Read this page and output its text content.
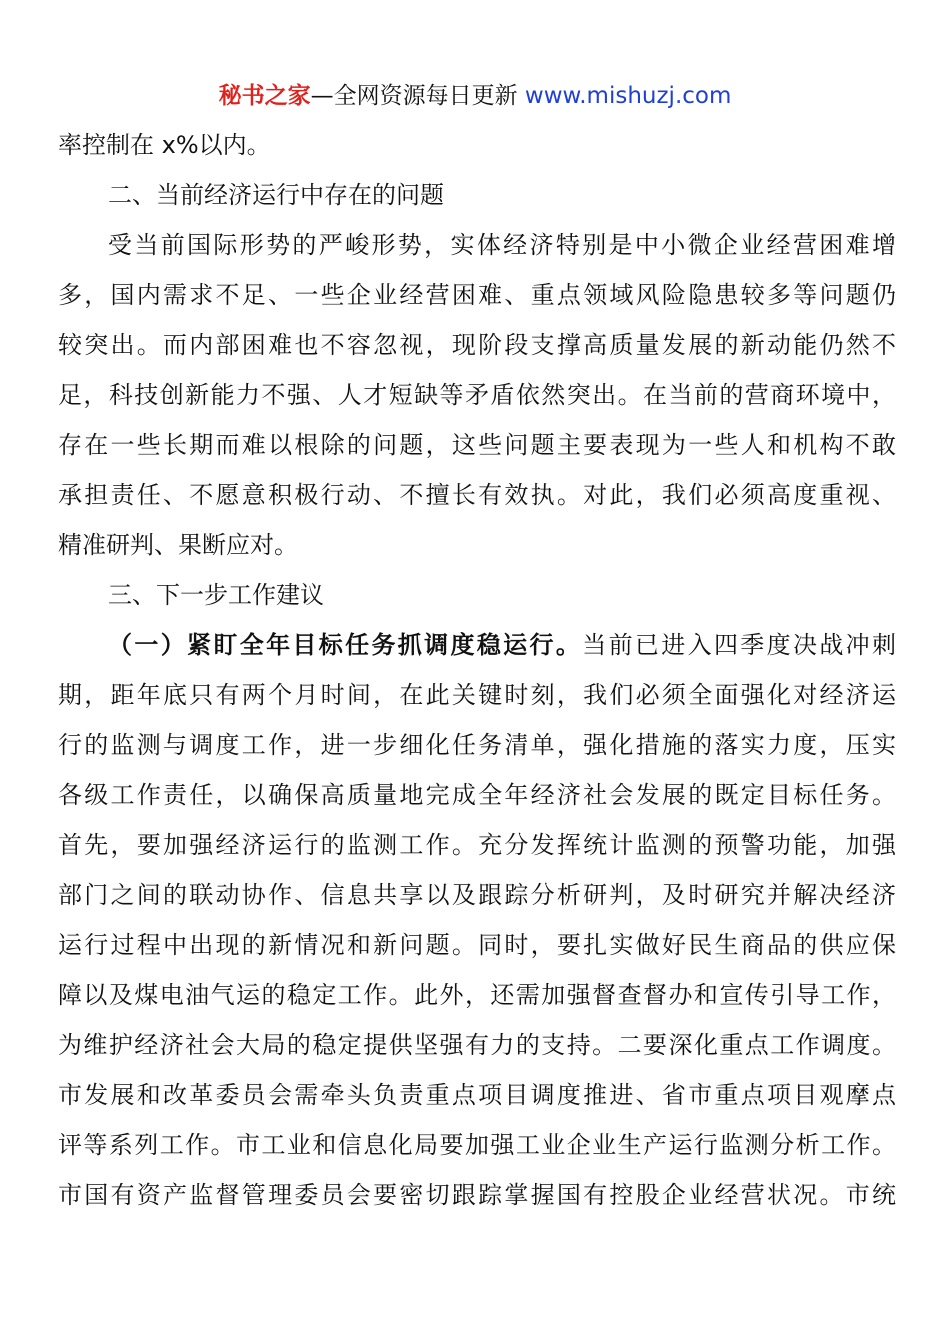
秘书之家—全网资源每日更新 www.mishuzj.com
率控制在 x%以内。
二、当前经济运行中存在的问题
受当前国际形势的严峻形势，实体经济特别是中小微企业经营困难增
多，国内需求不足、一些企业经营困难、重点领域风险隐患较多等问题仍
较突出。而内部困难也不容忽视，现阶段支撑高质量发展的新动能仍然不
足，科技创新能力不强、人才短缺等矛盾依然突出。在当前的营商环境中，
存在一些长期而难以根除的问题，这些问题主要表现为一些人和机构不敢
承担责任、不愿意积极行动、不擅长有效执。对此，我们必须高度重视、
精准研判、果断应对。
三、下一步工作建议
（一）紧盯全年目标任务抓调度稳运行。当前已进入四季度决战冲刺
期，距年底只有两个月时间，在此关键时刻，我们必须全面强化对经济运
行的监测与调度工作，进一步细化任务清单，强化措施的落实力度，压实
各级工作责任，以确保高质量地完成全年经济社会发展的既定目标任务。
首先，要加强经济运行的监测工作。充分发挥统计监测的预警功能，加强
部门之间的联动协作、信息共享以及跟踪分析研判，及时研究并解决经济
运行过程中出现的新情况和新问题。同时，要扎实做好民生商品的供应保
障以及煤电油气运的稳定工作。此外，还需加强督查督办和宣传引导工作，
为维护经济社会大局的稳定提供坚强有力的支持。二要深化重点工作调度。
市发展和改革委员会需牵头负责重点项目调度推进、省市重点项目观摩点
评等系列工作。市工业和信息化局要加强工业企业生产运行监测分析工作。
市国有资产监督管理委员会要密切跟踪掌握国有控股企业经营状况。市统
